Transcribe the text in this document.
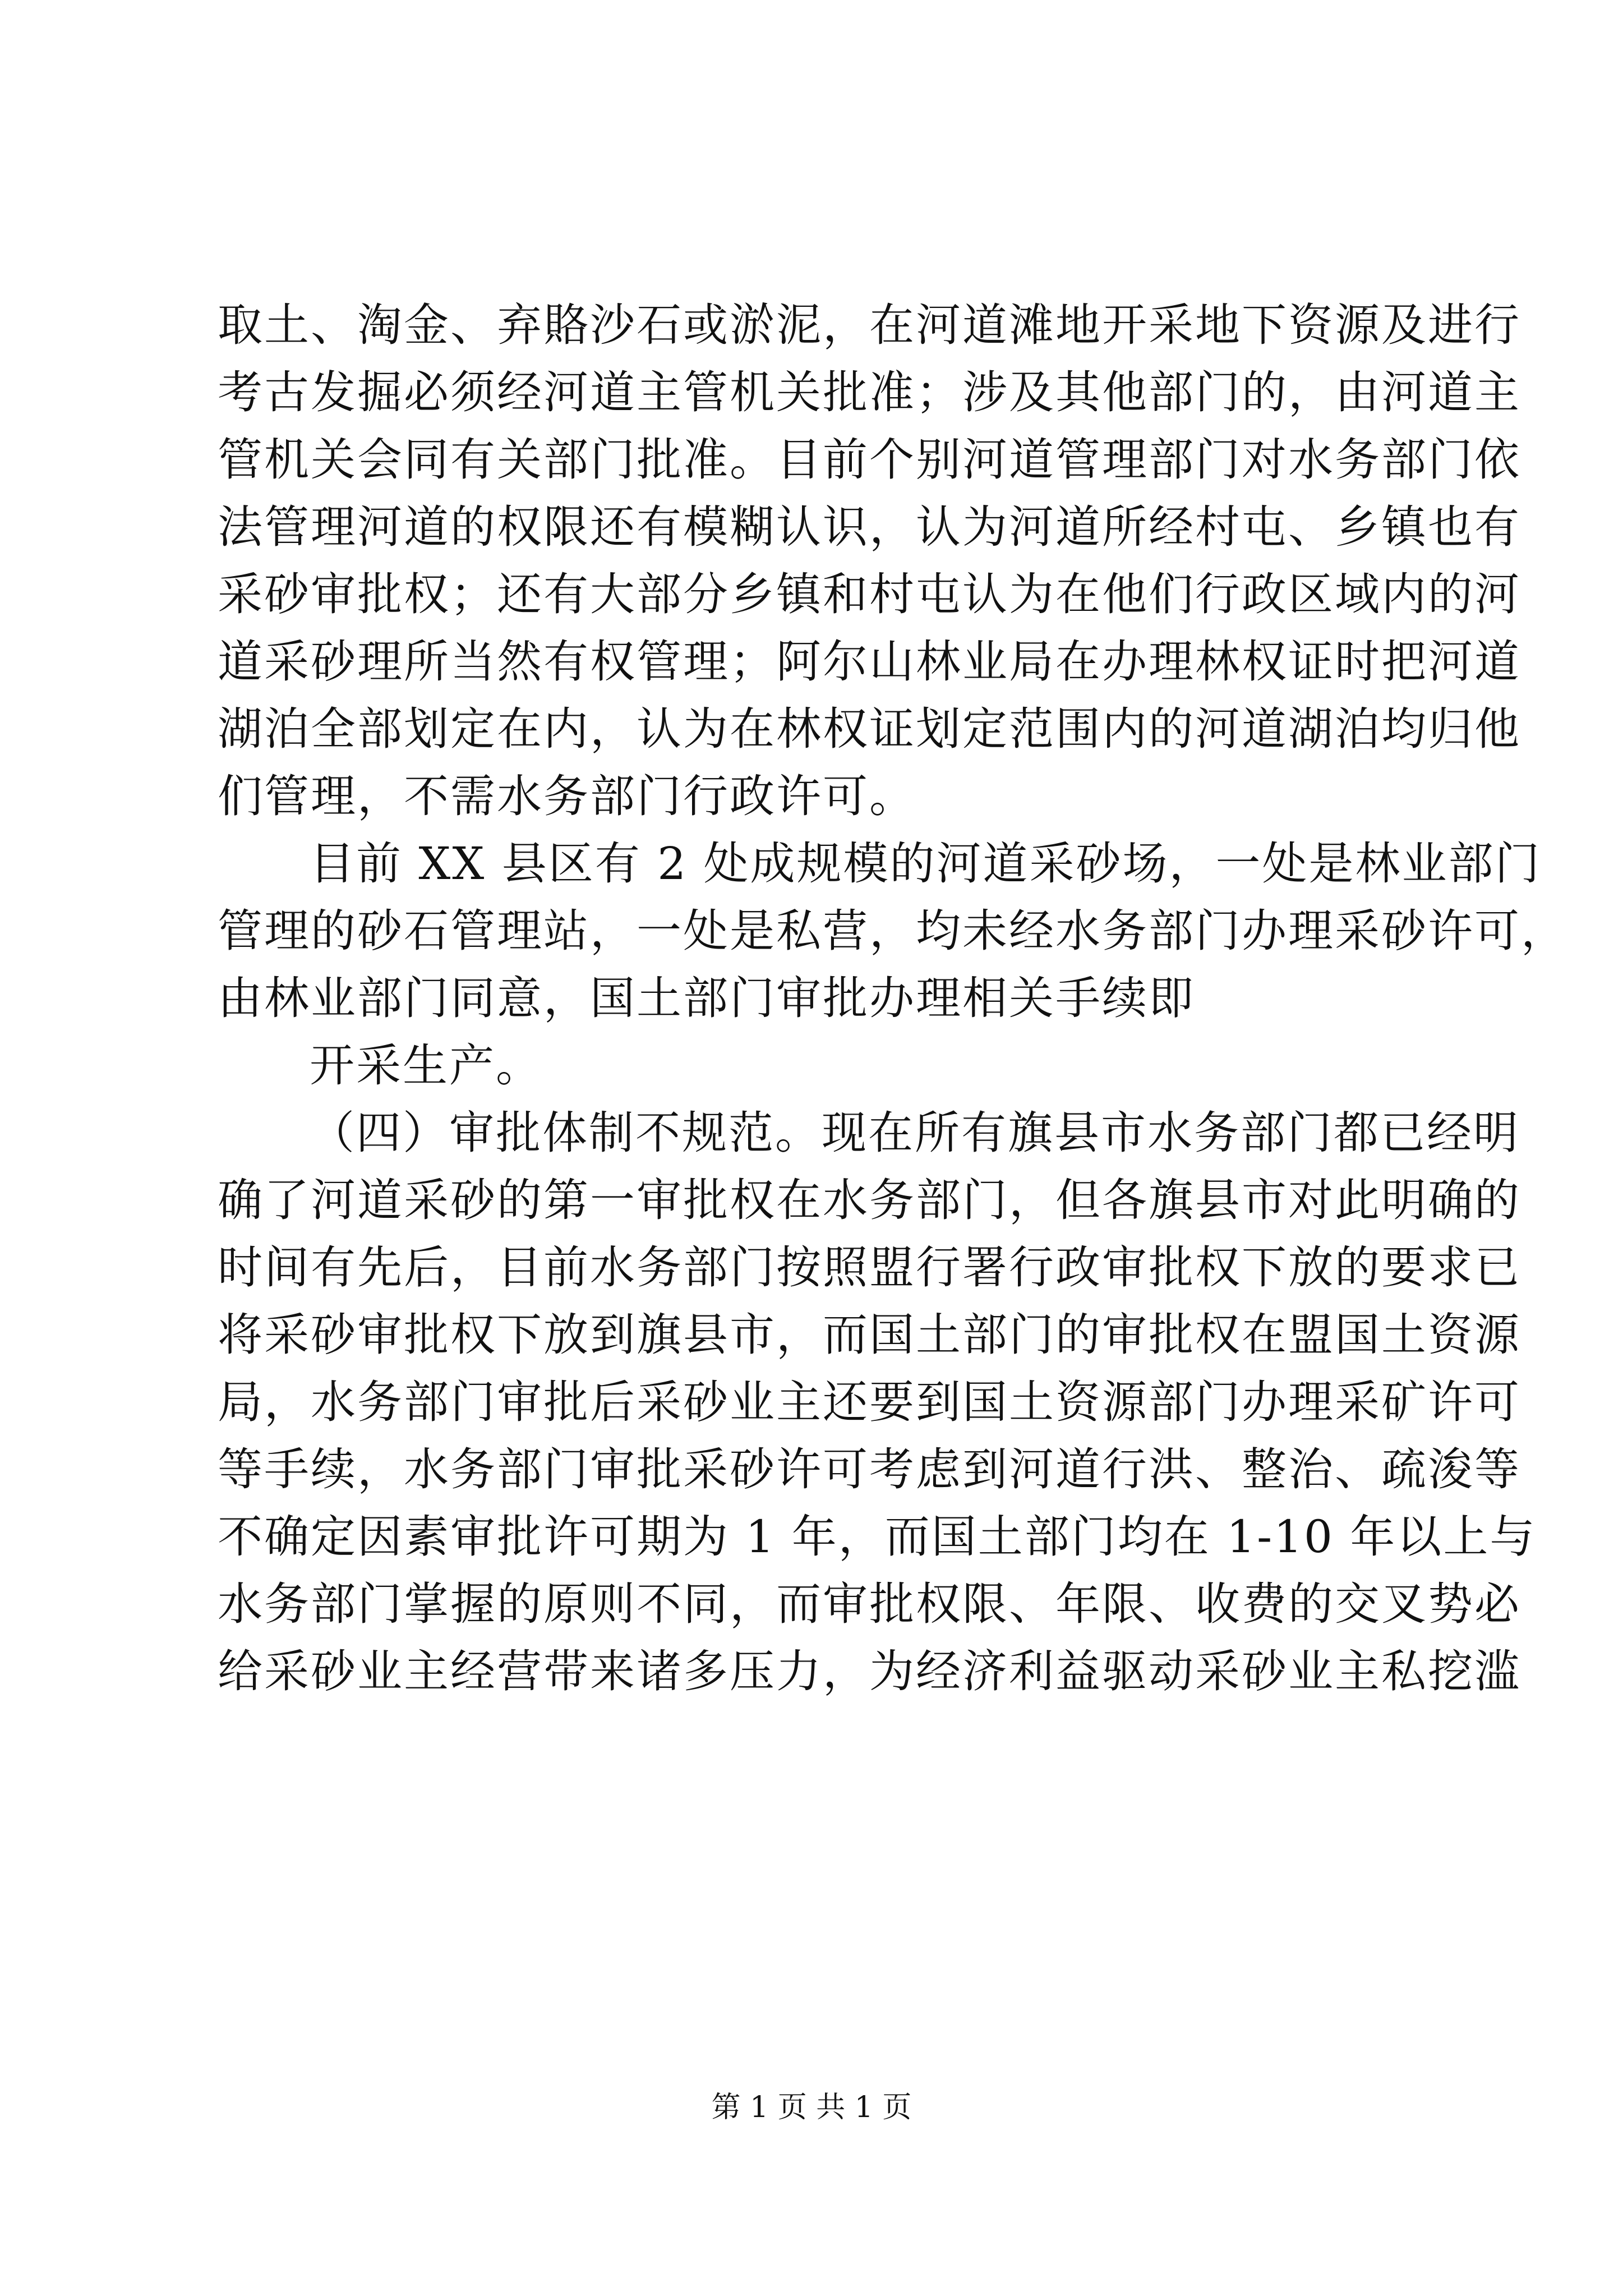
取土、淘金、弃賂沙石或淤泥，在河道滩地开采地下资源及进行
考古发掘必须经河道主管机关批准；涉及其他部门的，由河道主
管机关会同有关部门批准。目前个别河道管理部门对水务部门依
法管理河道的权限还有模糊认识，认为河道所经村屯、乡镇也有
采砂审批权；还有大部分乡镇和村屯认为在他们行政区域内的河
道采砂理所当然有权管理；阿尔山林业局在办理林权证时把河道
湖泊全部划定在内，认为在林权证划定范围内的河道湖泊均归他
们管理，不需水务部门行政许可。
目前 XX 县区有 2 处成规模的河道采砂场，一处是林业部门
管理的砂石管理站，一处是私营，均未经水务部门办理采砂许可，
由林业部门同意，国土部门审批办理相关手续即
开采生产。
（四）审批体制不规范。现在所有旗县市水务部门都已经明
确了河道采砂的第一审批权在水务部门，但各旗县市对此明确的
时间有先后，目前水务部门按照盟行署行政审批权下放的要求已
将采砂审批权下放到旗县市，而国土部门的审批权在盟国土资源
局，水务部门审批后采砂业主还要到国土资源部门办理采矿许可
等手续，水务部门审批采砂许可考虑到河道行洪、整治、疏浚等
不确定因素审批许可期为 1 年，而国土部门均在 1-10 年以上与
水务部门掌握的原则不同，而审批权限、年限、收费的交叉势必
给采砂业主经营带来诸多压力，为经济利益驱动采砂业主私挖滥
第 1 页 共 1 页
